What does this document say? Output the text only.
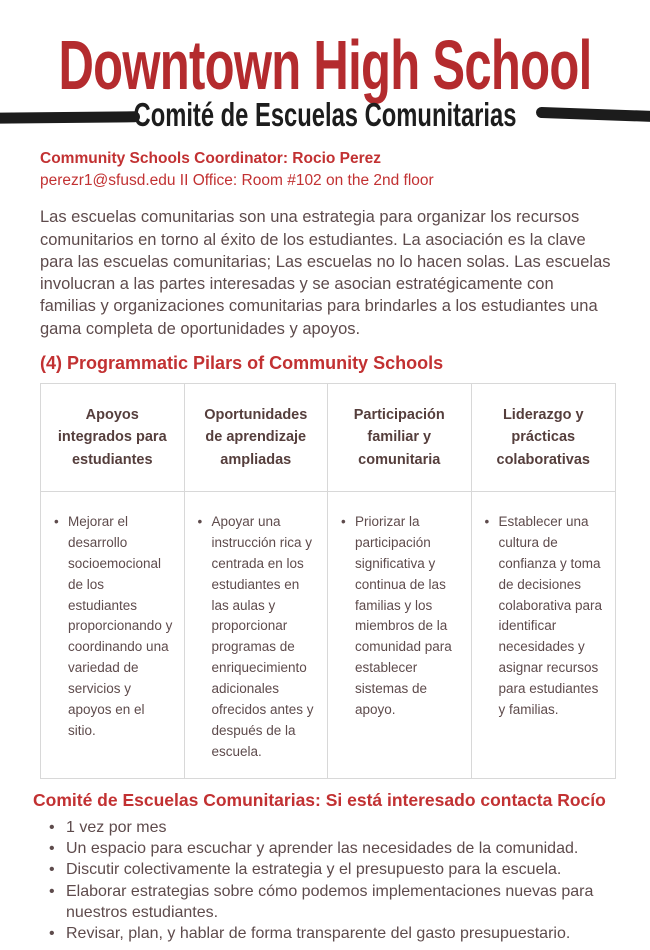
Downtown High School
Comité de Escuelas Comunitarias
Community Schools Coordinator: Rocio Perez
perezr1@sfusd.edu II Office: Room #102 on the 2nd floor

Las escuelas comunitarias son una estrategia para organizar los recursos comunitarios en torno al éxito de los estudiantes. La asociación es la clave para las escuelas comunitarias; Las escuelas no lo hacen solas. Las escuelas involucran a las partes interesadas y se asocian estratégicamente con familias y organizaciones comunitarias para brindarles a los estudiantes una gama completa de oportunidades y apoyos.

(4) Programmatic Pilars of Community Schools
Apoyos integrados para estudiantes
Oportunidades de aprendizaje ampliadas
Participación familiar y comunitaria
Liderazgo y prácticas colaborativas
• Mejorar el desarrollo socioemocional de los estudiantes proporcionando y coordinando una variedad de servicios y apoyos en el sitio.
• Apoyar una instrucción rica y centrada en los estudiantes en las aulas y proporcionar programas de enriquecimiento adicionales ofrecidos antes y después de la escuela.
• Priorizar la participación significativa y continua de las familias y los miembros de la comunidad para establecer sistemas de apoyo.
• Establecer una cultura de confianza y toma de decisiones colaborativa para identificar necesidades y asignar recursos para estudiantes y familias.
Comité de Escuelas Comunitarias: Si está interesado contacta Rocío
• 1 vez por mes
• Un espacio para escuchar y aprender las necesidades de la comunidad.
• Discutir colectivamente la estrategia y el presupuesto para la escuela.
• Elaborar estrategias sobre cómo podemos implementaciones nuevas para nuestros estudiantes.
• Revisar, plan, y hablar de forma transparente del gasto presupuestario.
